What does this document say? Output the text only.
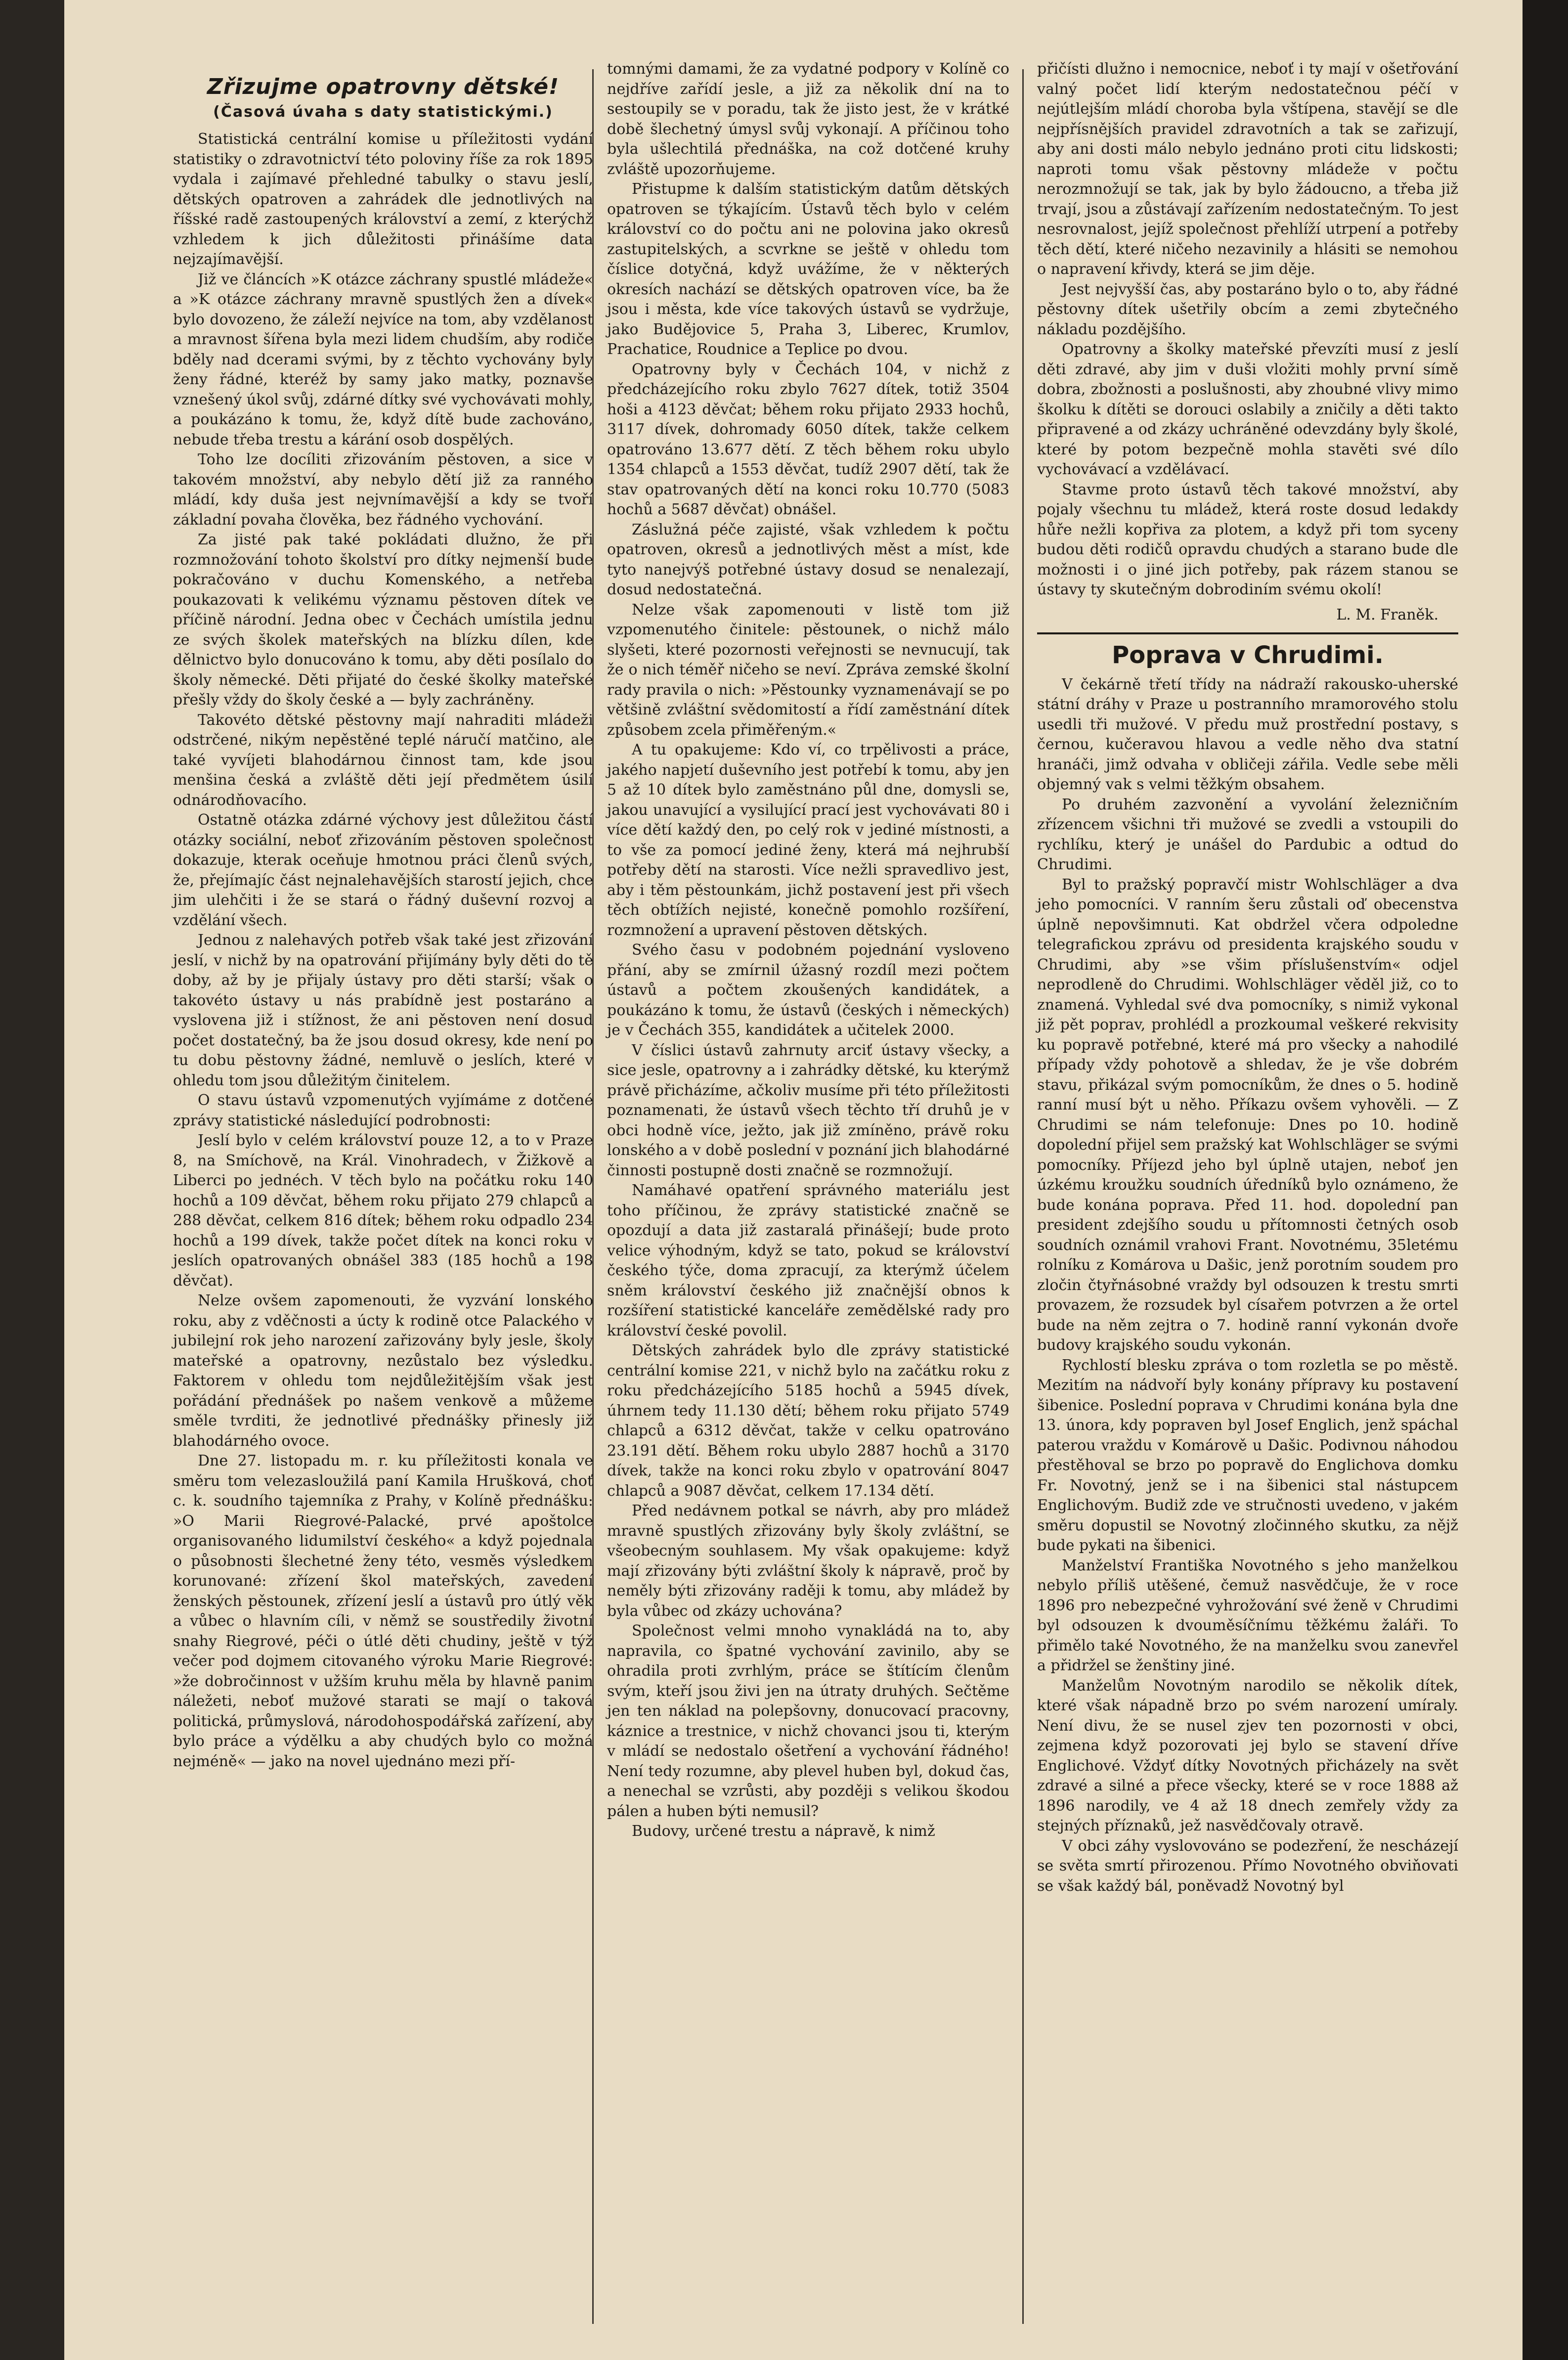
Zřizujme opatrovny dětské!
(Časová úvaha s daty statistickými.)

Statistická centrální komise u příležitosti vydání statistiky o zdravotnictví této poloviny říše za rok 1895 vydala i zajímavé přehledné tabulky o stavu jeslí, dětských opatroven a zahrádek dle jednotlivých na říšské radě zastoupených království a zemí, z kterýchž vzhledem k jich důležitosti přinášíme data nejzajímavější.

Již ve článcích »K otázce záchrany spustlé mládeže« a »K otázce záchrany mravně spustlých žen a dívek« bylo dovozeno, že záleží nejvíce na tom, aby vzdělanost a mravnost šířena byla mezi lidem chudším, aby rodiče bděly nad dcerami svými, by z těchto vychovány byly ženy řádné, kteréž by samy jako matky, poznavše vznešený úkol svůj, zdárné dítky své vychovávati mohly, a poukázáno k tomu, že, když dítě bude zachováno, nebude třeba trestu a kárání osob dospělých.

Toho lze docíliti zřizováním pěstoven, a sice v takovém množství, aby nebylo dětí již za ranného mládí, kdy duša jest nejvnímavější a kdy se tvoří základní povaha člověka, bez řádného vychování.

Za jisté pak také pokládati dlužno, že při rozmnožování tohoto školství pro dítky nejmenší bude pokračováno v duchu Komenského, a netřeba poukazovati k velikému významu pěstoven dítek ve příčině národní. Jedna obec v Čechách umístila jednu ze svých školek mateřských na blízku dílen, kde dělnictvo bylo donucováno k tomu, aby děti posílalo do školy německé. Děti přijaté do české školky mateřské přešly vždy do školy české a — byly zachráněny.

Takovéto dětské pěstovny mají nahraditi mládeži odstrčené, nikým nepěstěné teplé náručí matčino, ale také vyvíjeti blahodárnou činnost tam, kde jsou menšina česká a zvláště děti její předmětem úsilí odnárodňovacího.

Ostatně otázka zdárné výchovy jest důležitou částí otázky sociální, neboť zřizováním pěstoven společnost dokazuje, kterak oceňuje hmotnou práci členů svých, že, přejímajíc část nejnalehavějších starostí jejich, chce jim ulehčiti i že se stará o řádný duševní rozvoj a vzdělání všech.

Jednou z nalehavých potřeb však také jest zřizování jeslí, v nichž by na opatrování přijímány byly děti do tě doby, až by je přijaly ústavy pro děti starší; však o takovéto ústavy u nás prabídně jest postaráno a vyslovena již i stížnost, že ani pěstoven není dosud počet dostatečný, ba že jsou dosud okresy, kde není po tu dobu pěstovny žádné, nemluvě o jeslích, které v ohledu tom jsou důležitým činitelem.

O stavu ústavů vzpomenutých vyjímáme z dotčené zprávy statistické následující podrobnosti:

Jeslí bylo v celém království pouze 12, a to v Praze 8, na Smíchově, na Král. Vinohradech, v Žižkově a Liberci po jednéch. V těch bylo na počátku roku 140 hochů a 109 děvčat, během roku přijato 279 chlapců a 288 děvčat, celkem 816 dítek; během roku odpadlo 234 hochů a 199 dívek, takže počet dítek na konci roku v jeslích opatrovaných obnášel 383 (185 hochů a 198 děvčat).

Nelze ovšem zapomenouti, že vyzvání lonského roku, aby z vděčnosti a úcty k rodině otce Palackého v jubilejní rok jeho narození zařizovány byly jesle, školy mateřské a opatrovny, nezůstalo bez výsledku. Faktorem v ohledu tom nejdůležitějším však jest pořádání přednášek po našem venkově a můžeme směle tvrditi, že jednotlivé přednášky přinesly již blahodárného ovoce.

Dne 27. listopadu m. r. ku příležitosti konala ve směru tom velezasloužilá paní Kamila Hrušková, choť c. k. soudního tajemníka z Prahy, v Kolíně přednášku: »O Marii Riegrové-Palacké, prvé apoštolce organisovaného lidumilství českého« a když pojednala o působnosti šlechetné ženy této, vesměs výsledkem korunované: zřízení škol mateřských, zavedení ženských pěstounek, zřízení jeslí a ústavů pro útlý věk a vůbec o hlavním cíli, v němž se soustředily životní snahy Riegrové, péči o útlé děti chudiny, ještě v týž večer pod dojmem citovaného výroku Marie Riegrové: »že dobročinnost v užším kruhu měla by hlavně panim náležeti, neboť mužové starati se mají o taková politická, průmyslová, národohospodářská zařízení, aby bylo práce a výdělku a aby chudých bylo co možná nejméně« — jako na novel ujednáno mezi pří-

tomnými damami, že za vydatné podpory v Kolíně co nejdříve zařídí jesle, a již za několik dní na to sestoupily se v poradu, tak že jisto jest, že v krátké době šlechetný úmysl svůj vykonají. A příčinou toho byla ušlechtilá přednáška, na což dotčené kruhy zvláště upozorňujeme.

Přistupme k dalším statistickým datům dětských opatroven se týkajícím. Ústavů těch bylo v celém království co do počtu ani ne polovina jako okresů zastupitelských, a scvrkne se ještě v ohledu tom číslice dotyčná, když uvážíme, že v některých okresích nachází se dětských opatroven více, ba že jsou i města, kde více takových ústavů se vydržuje, jako Budějovice 5, Praha 3, Liberec, Krumlov, Prachatice, Roudnice a Teplice po dvou.

Opatrovny byly v Čechách 104, v nichž z předcházejícího roku zbylo 7627 dítek, totiž 3504 hoši a 4123 děvčat; během roku přijato 2933 hochů, 3117 dívek, dohromady 6050 dítek, takže celkem opatrováno 13.677 dětí. Z těch během roku ubylo 1354 chlapců a 1553 děvčat, tudíž 2907 dětí, tak že stav opatrovaných dětí na konci roku 10.770 (5083 hochů a 5687 děvčat) obnášel.

Záslužná péče zajisté, však vzhledem k počtu opatroven, okresů a jednotlivých měst a míst, kde tyto nanejvýš potřebné ústavy dosud se nenalezají, dosud nedostatečná.

Nelze však zapomenouti v listě tom již vzpomenutého činitele: pěstounek, o nichž málo slyšeti, které pozornosti veřejnosti se nevnucují, tak že o nich téměř ničeho se neví. Zpráva zemské školní rady pravila o nich: »Pěstounky vyznamenávají se po většině zvláštní svědomitostí a řídí zaměstnání dítek způsobem zcela přiměřeným.«

A tu opakujeme: Kdo ví, co trpělivosti a práce, jakého napjetí duševního jest potřebí k tomu, aby jen 5 až 10 dítek bylo zaměstnáno půl dne, domysli se, jakou unavující a vysilující prací jest vychovávati 80 i více dětí každý den, po celý rok v jediné místnosti, a to vše za pomocí jediné ženy, která má nejhrubší potřeby dětí na starosti. Více nežli spravedlivo jest, aby i těm pěstounkám, jichž postavení jest při všech těch obtížích nejisté, konečně pomohlo rozšíření, rozmnožení a upravení pěstoven dětských.

Svého času v podobném pojednání vysloveno přání, aby se zmírnil úžasný rozdíl mezi počtem ústavů a počtem zkoušených kandidátek, a poukázáno k tomu, že ústavů (českých i německých) je v Čechách 355, kandidátek a učitelek 2000.

V číslici ústavů zahrnuty arciť ústavy všecky, a sice jesle, opatrovny a i zahrádky dětské, ku kterýmž právě přicházíme, ačkoliv musíme při této příležitosti poznamenati, že ústavů všech těchto tří druhů je v obci hodně více, ježto, jak již zmíněno, právě roku lonského a v době poslední v poznání jich blahodárné činnosti postupně dosti značně se rozmnožují.

Namáhavé opatření správného materiálu jest toho příčinou, že zprávy statistické značně se opozdují a data již zastaralá přinášejí; bude proto velice výhodným, když se tato, pokud se království českého týče, doma zpracují, za kterýmž účelem sněm království českého již značnější obnos k rozšíření statistické kanceláře zemědělské rady pro království české povolil.

Dětských zahrádek bylo dle zprávy statistické centrální komise 221, v nichž bylo na začátku roku z roku předcházejícího 5185 hochů a 5945 dívek, úhrnem tedy 11.130 dětí; během roku přijato 5749 chlapců a 6312 děvčat, takže v celku opatrováno 23.191 dětí. Během roku ubylo 2887 hochů a 3170 dívek, takže na konci roku zbylo v opatrování 8047 chlapců a 9087 děvčat, celkem 17.134 dětí.

Před nedávnem potkal se návrh, aby pro mládež mravně spustlých zřizovány byly školy zvláštní, se všeobecným souhlasem. My však opakujeme: když mají zřizovány býti zvláštní školy k nápravě, proč by neměly býti zřizovány raději k tomu, aby mládež by byla vůbec od zkázy uchována?

Společnost velmi mnoho vynakládá na to, aby napravila, co špatné vychování zavinilo, aby se ohradila proti zvrhlým, práce se štítícím členům svým, kteří jsou živi jen na útraty druhých. Sečtěme jen ten náklad na polepšovny, donucovací pracovny, káznice a trestnice, v nichž chovanci jsou ti, kterým v mládí se nedostalo ošetření a vychování řádného! Není tedy rozumne, aby plevel huben byl, dokud čas, a nenechal se vzrůsti, aby později s velikou škodou pálen a huben býti nemusil?

Budovy, určené trestu a nápravě, k nimž

přičísti dlužno i nemocnice, neboť i ty mají v ošetřování valný počet lidí kterým nedostatečnou péčí v nejútlejším mládí choroba byla vštípena, stavějí se dle nejpřísnějších pravidel zdravotních a tak se zařizují, aby ani dosti málo nebylo jednáno proti citu lidskosti; naproti tomu však pěstovny mládeže v počtu nerozmnožují se tak, jak by bylo žádoucno, a třeba již trvají, jsou a zůstávají zařízením nedostatečným. To jest nesrovnalost, jejíž společnost přehlíží utrpení a potřeby těch dětí, které ničeho nezavinily a hlásiti se nemohou o napravení křivdy, která se jim děje.

Jest nejvyšší čas, aby postaráno bylo o to, aby řádné pěstovny dítek ušetřily obcím a zemi zbytečného nákladu pozdějšího.

Opatrovny a školky mateřské převzíti musí z jeslí děti zdravé, aby jim v duši vložiti mohly první símě dobra, zbožnosti a poslušnosti, aby zhoubné vlivy mimo školku k dítěti se dorouci oslabily a zničily a děti takto připravené a od zkázy uchráněné odevzdány byly školé, které by potom bezpečně mohla stavěti své dílo vychovávací a vzdělávací.

Stavme proto ústavů těch takové množství, aby pojaly všechnu tu mládež, která roste dosud ledakdy hůře nežli kopřiva za plotem, a když při tom syceny budou děti rodičů opravdu chudých a starano bude dle možnosti i o jiné jich potřeby, pak rázem stanou se ústavy ty skutečným dobrodiním svému okolí!

L. M. Franěk.
Poprava v Chrudimi.

V čekárně třetí třídy na nádraží rakousko-uherské státní dráhy v Praze u postranního mramorového stolu usedli tři mužové. V předu muž prostřední postavy, s černou, kučeravou hlavou a vedle něho dva statní hranáči, jimž odvaha v obličeji zářila. Vedle sebe měli objemný vak s velmi těžkým obsahem.

Po druhém zazvonění a vyvolání železničním zřízencem všichni tři mužové se zvedli a vstoupili do rychlíku, který je unášel do Pardubic a odtud do Chrudimi.

Byl to pražský popravčí mistr Wohlschläger a dva jeho pomocníci. V ranním šeru zůstali oď obecenstva úplně nepovšimnuti. Kat obdržel včera odpoledne telegrafickou zprávu od presidenta krajského soudu v Chrudimi, aby »se všim příslušenstvím« odjel neprodleně do Chrudimi. Wohlschläger věděl již, co to znamená. Vyhledal své dva pomocníky, s nimiž vykonal již pět poprav, prohlédl a prozkoumal veškeré rekvisity ku popravě potřebné, které má pro všecky a nahodilé případy vždy pohotově a shledav, že je vše dobrém stavu, přikázal svým pomocníkům, že dnes o 5. hodině ranní musí být u něho. Příkazu ovšem vyhověli. — Z Chrudimi se nám telefonuje: Dnes po 10. hodině dopolední přijel sem pražský kat Wohlschläger se svými pomocníky. Příjezd jeho byl úplně utajen, neboť jen úzkému kroužku soudních úředníků bylo oznámeno, že bude konána poprava. Před 11. hod. dopolední pan president zdejšího soudu u přítomnosti četných osob soudních oznámil vrahovi Frant. Novotnému, 35letému rolníku z Komárova u Dašic, jenž porotním soudem pro zločin čtyřnásobné vraždy byl odsouzen k trestu smrti provazem, že rozsudek byl císařem potvrzen a že ortel bude na něm zejtra o 7. hodině ranní vykonán dvoře budovy krajského soudu vykonán.

Rychlostí blesku zpráva o tom rozletla se po městě. Mezitím na nádvoří byly konány přípravy ku postavení šibenice. Poslední poprava v Chrudimi konána byla dne 13. února, kdy popraven byl Josef Englich, jenž spáchal paterou vraždu v Komárově u Dašic. Podivnou náhodou přestěhoval se brzo po popravě do Englichova domku Fr. Novotný, jenž se i na šibenici stal nástupcem Englichovým. Budiž zde ve stručnosti uvedeno, v jakém směru dopustil se Novotný zločinného skutku, za nějž bude pykati na šibenici.

Manželství Františka Novotného s jeho manželkou nebylo příliš utěšené, čemuž nasvědčuje, že v roce 1896 pro nebezpečné vyhrožování své ženě v Chrudimi byl odsouzen k dvouměsíčnímu těžkému žaláři. To přimělo také Novotného, že na manželku svou zanevřel a přidržel se ženštiny jiné.

Manželům Novotným narodilo se několik dítek, které však nápadně brzo po svém narození umíraly. Není divu, že se nusel zjev ten pozornosti v obci, zejmena když pozorovati jej bylo se stavení dříve Englichové. Vždyť dítky Novotných přicházely na svět zdravé a silné a přece všecky, které se v roce 1888 až 1896 narodily, ve 4 až 18 dnech zemřely vždy za stejných příznaků, jež nasvědčovaly otravě.

V obci záhy vyslovováno se podezření, že nescházejí se světa smrtí přirozenou. Přímo Novotného obviňovati se však každý bál, poněvadž Novotný byl
